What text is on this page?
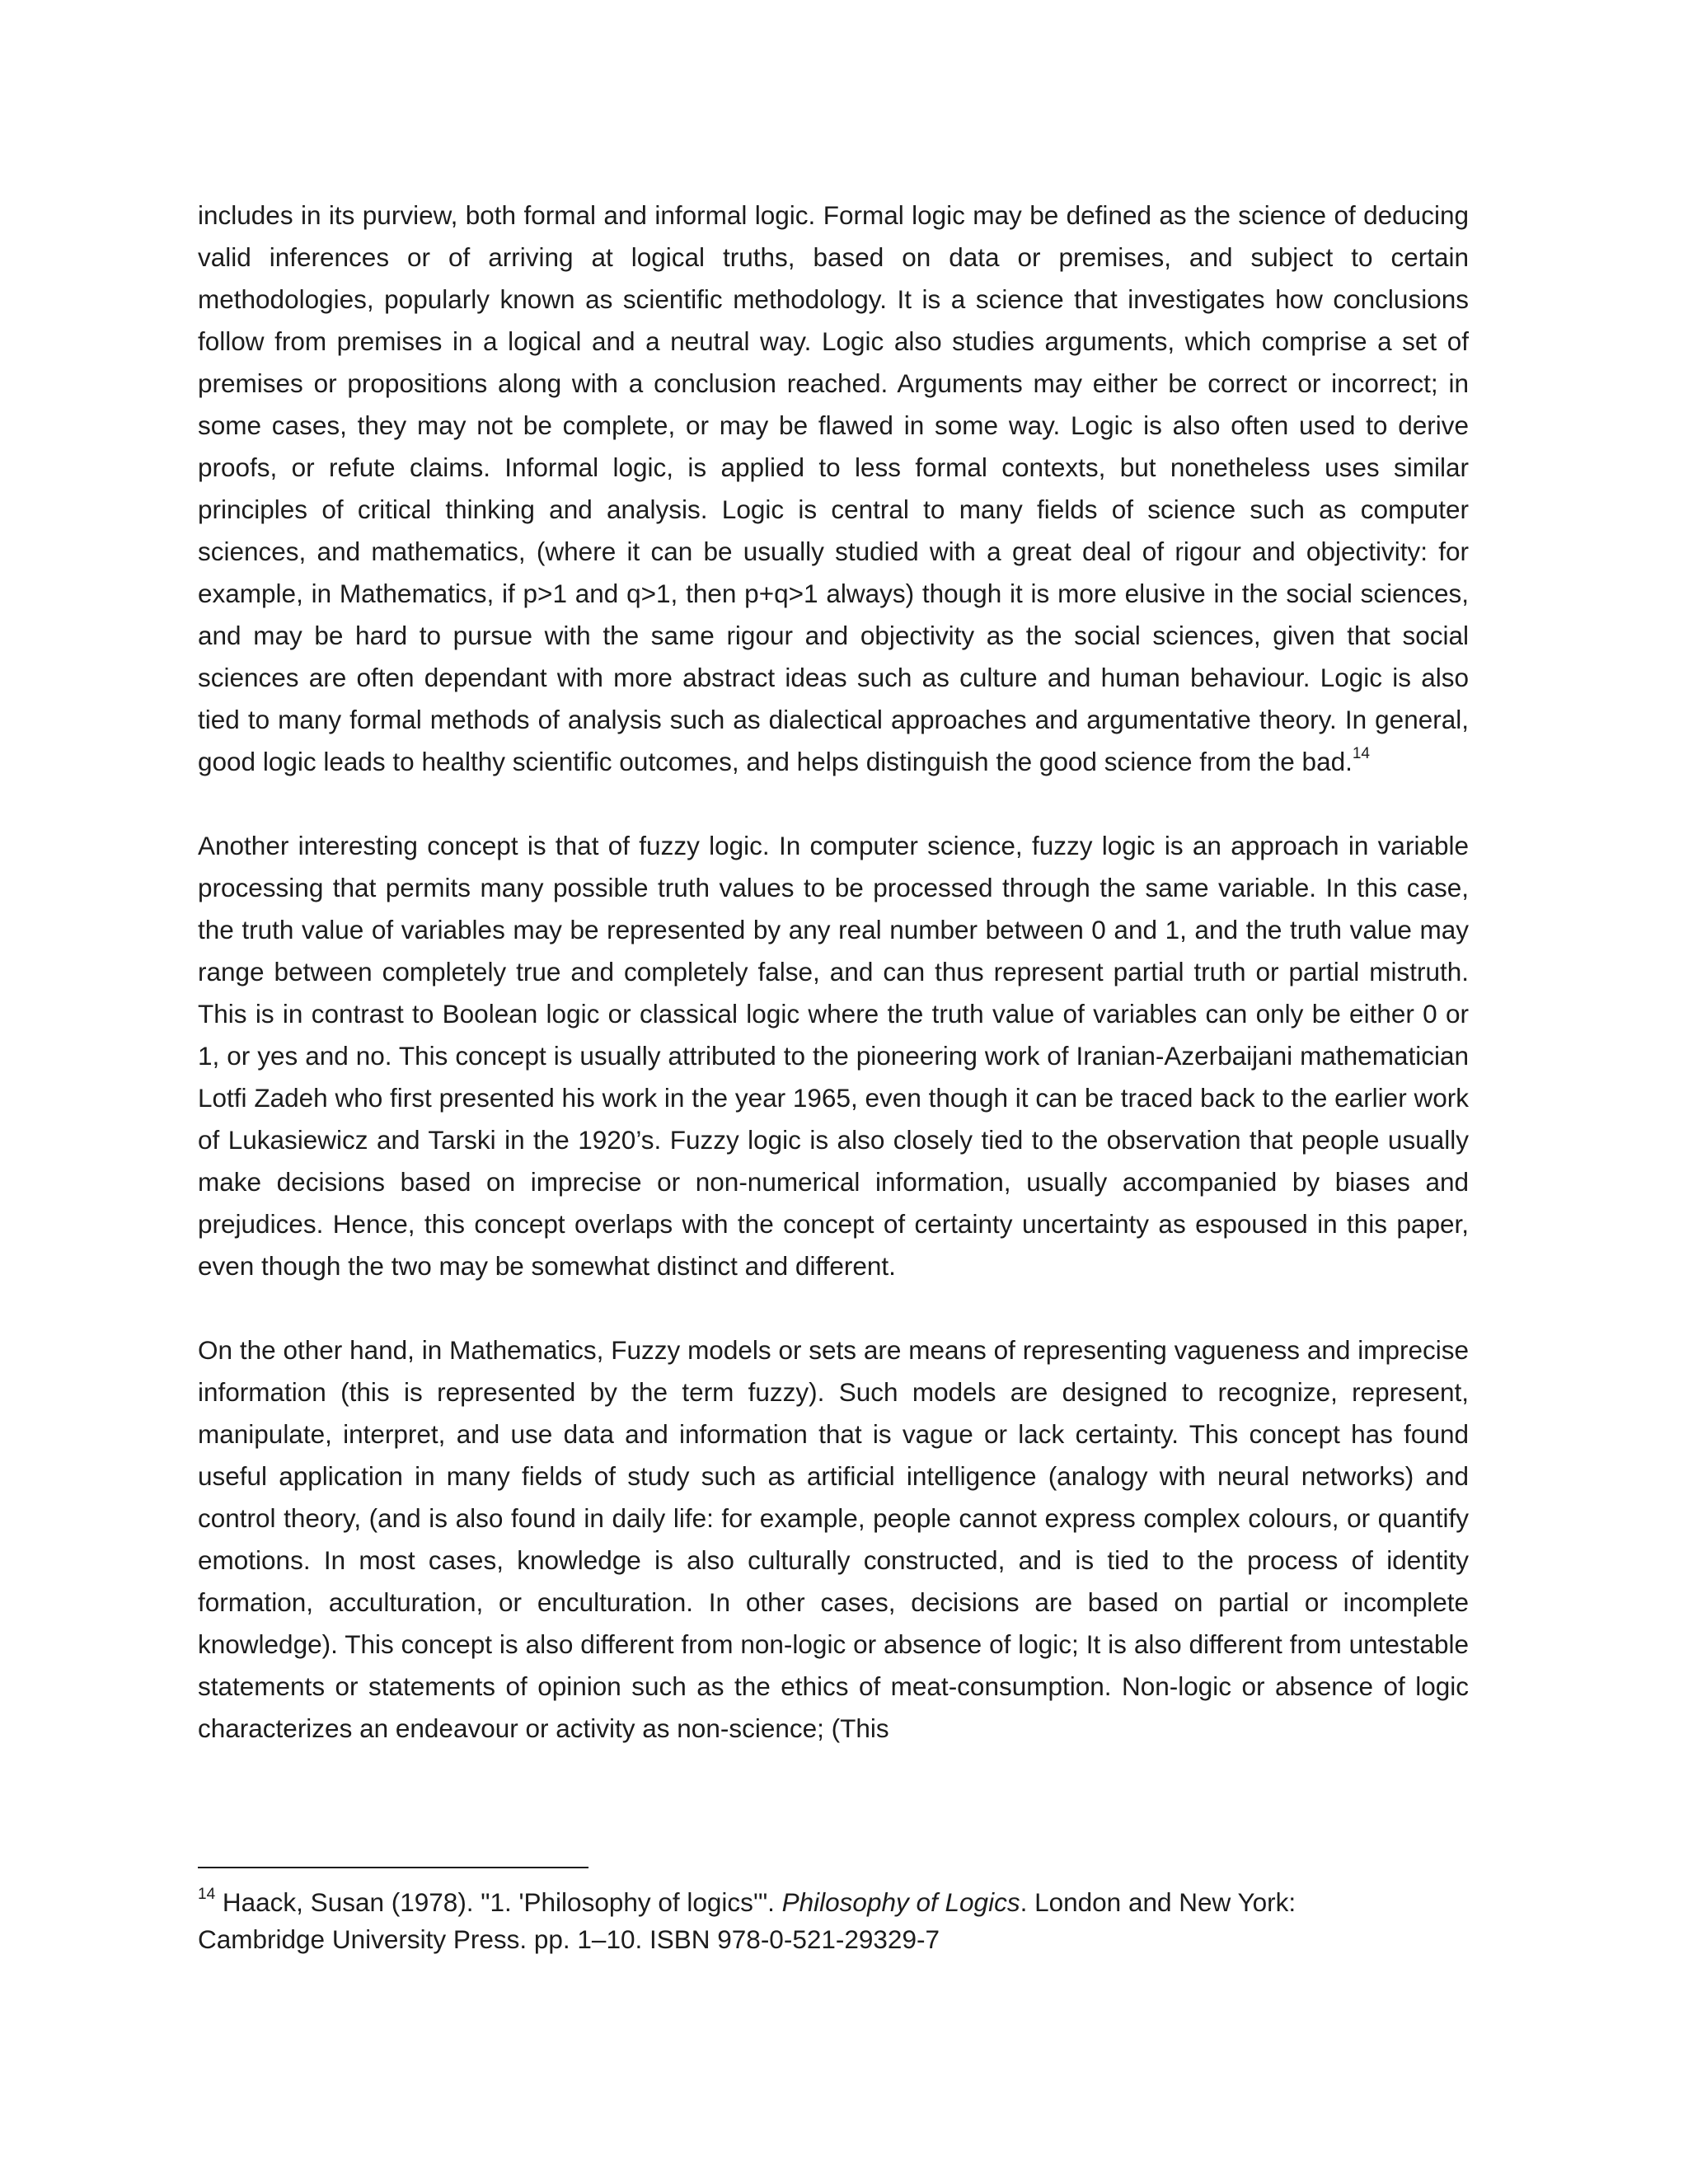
includes in its purview, both formal and informal logic. Formal logic may be defined as the science of deducing valid inferences or of arriving at logical truths, based on data or premises, and subject to certain methodologies, popularly known as scientific methodology. It is a science that investigates how conclusions follow from premises in a logical and a neutral way. Logic also studies arguments, which comprise a set of premises or propositions along with a conclusion reached. Arguments may either be correct or incorrect; in some cases, they may not be complete, or may be flawed in some way. Logic is also often used to derive proofs, or refute claims. Informal logic, is applied to less formal contexts, but nonetheless uses similar principles of critical thinking and analysis. Logic is central to many fields of science such as computer sciences, and mathematics, (where it can be usually studied with a great deal of rigour and objectivity: for example, in Mathematics, if p>1 and q>1, then p+q>1 always) though it is more elusive in the social sciences, and may be hard to pursue with the same rigour and objectivity as the social sciences, given that social sciences are often dependant with more abstract ideas such as culture and human behaviour. Logic is also tied to many formal methods of analysis such as dialectical approaches and argumentative theory. In general, good logic leads to healthy scientific outcomes, and helps distinguish the good science from the bad.$^{14}$

Another interesting concept is that of fuzzy logic. In computer science, fuzzy logic is an approach in variable processing that permits many possible truth values to be processed through the same variable. In this case, the truth value of variables may be represented by any real number between 0 and 1, and the truth value may range between completely true and completely false, and can thus represent partial truth or partial mistruth. This is in contrast to Boolean logic or classical logic where the truth value of variables can only be either 0 or 1, or yes and no. This concept is usually attributed to the pioneering work of Iranian-Azerbaijani mathematician Lotfi Zadeh who first presented his work in the year 1965, even though it can be traced back to the earlier work of Lukasiewicz and Tarski in the 1920’s. Fuzzy logic is also closely tied to the observation that people usually make decisions based on imprecise or non-numerical information, usually accompanied by biases and prejudices. Hence, this concept overlaps with the concept of certainty uncertainty as espoused in this paper, even though the two may be somewhat distinct and different.

On the other hand, in Mathematics, Fuzzy models or sets are means of representing vagueness and imprecise information (this is represented by the term fuzzy). Such models are designed to recognize, represent, manipulate, interpret, and use data and information that is vague or lack certainty. This concept has found useful application in many fields of study such as artificial intelligence (analogy with neural networks) and control theory, (and is also found in daily life: for example, people cannot express complex colours, or quantify emotions. In most cases, knowledge is also culturally constructed, and is tied to the process of identity formation, acculturation, or enculturation. In other cases, decisions are based on partial or incomplete knowledge). This concept is also different from non-logic or absence of logic; It is also different from untestable statements or statements of opinion such as the ethics of meat-consumption. Non-logic or absence of logic characterizes an endeavour or activity as non-science; (This

$^{14}$ Haack, Susan (1978). "1. 'Philosophy of logics'". Philosophy of Logics. London and New York:
Cambridge University Press. pp. 1–10. ISBN 978-0-521-29329-7
